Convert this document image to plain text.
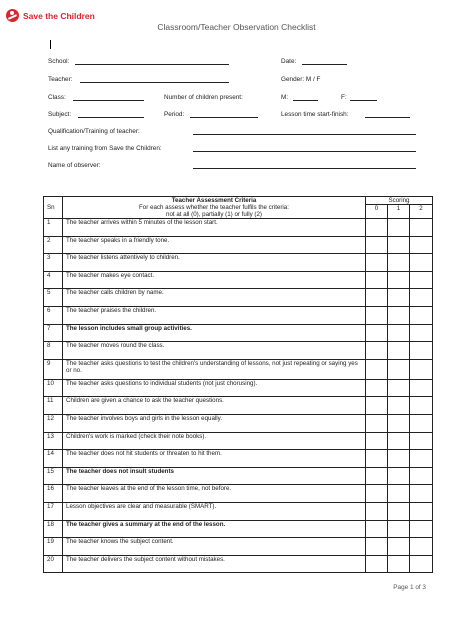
Save the Children
Classroom/Teacher Observation Checklist
School:	Date:
Teacher:	Gender: M / F
Class:	Number of children present:	M:	F:
Subject:	Period:	Lesson time start-finish:
Qualification/Training of teacher:
List any training from Save the Children:
Name of observer:
Sn	Teacher Assessment Criteria
For each assess whether the teacher fulfils the criteria:
not at all (0), partially (1) or fully (2)	Scoring		
		0	1	2
1	The teacher arrives within 5 minutes of the lesson start.			
2	The teacher speaks in a friendly tone.			
3	The teacher listens attentively to children.			
4	The teacher makes eye contact.			
5	The teacher calls children by name.			
6	The teacher praises the children.			
7	The lesson includes small group activities.			
8	The teacher moves round the class.			
9	The teacher asks questions to test the children's understanding of lessons, not just repeating or saying yes or no.			
10	The teacher asks questions to individual students (not just chorusing).			
11	Children are given a chance to ask the teacher questions.			
12	The teacher involves boys and girls in the lesson equally.			
13	Children's work is marked (check their note books).			
14	The teacher does not hit students or threaten to hit them.			
15	The teacher does not insult students			
16	The teacher leaves at the end of the lesson time, not before.			
17	Lesson objectives are clear and measurable (SMART).			
18	The teacher gives a summary at the end of the lesson.			
19	The teacher knows the subject content.			
20	The teacher delivers the subject content without mistakes.			
Page 1 of 3
